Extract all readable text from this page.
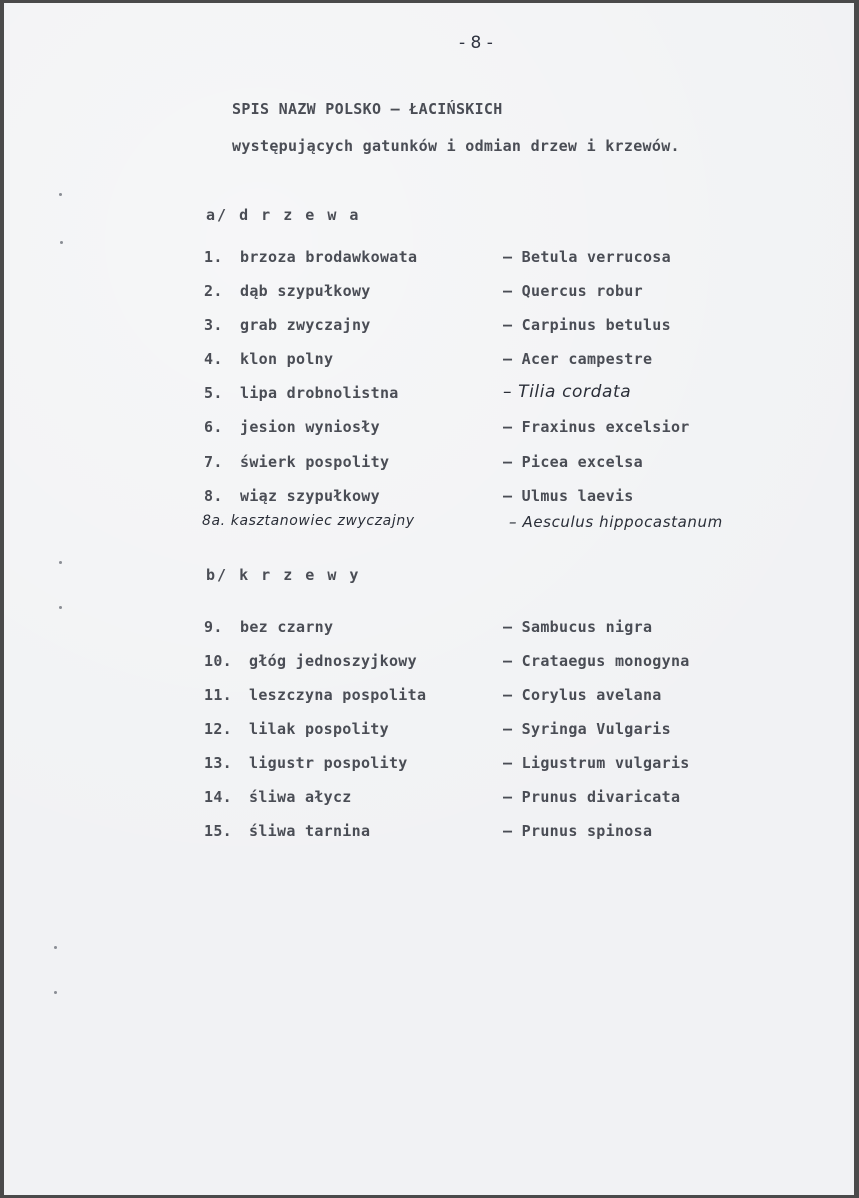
- 8 -
SPIS NAZW POLSKO – ŁACIŃSKICH
występujących gatunków i odmian drzew i krzewów.
a/ d r z e w a
1. brzoza brodawkowata	– Betula verrucosa
2. dąb szypułkowy	– Quercus robur
3. grab zwyczajny	– Carpinus betulus
4. klon polny	– Acer campestre
5. lipa drobnolistna	– Tilia cordata
6. jesion wyniosły	– Fraxinus excelsior
7. świerk pospolity	– Picea excelsa
8. wiąz szypułkowy	– Ulmus laevis
8a. kasztanowiec zwyczajny	– Aesculus hippocastanum
b/ k r z e w y
9. bez czarny	– Sambucus nigra
10. głóg jednoszyjkowy	– Crataegus monogyna
11. leszczyna pospolita	– Corylus avelana
12. lilak pospolity	– Syringa Vulgaris
13. ligustr pospolity	– Ligustrum vulgaris
14. śliwa ałycz	– Prunus divaricata
15. śliwa tarnina	– Prunus spinosa
